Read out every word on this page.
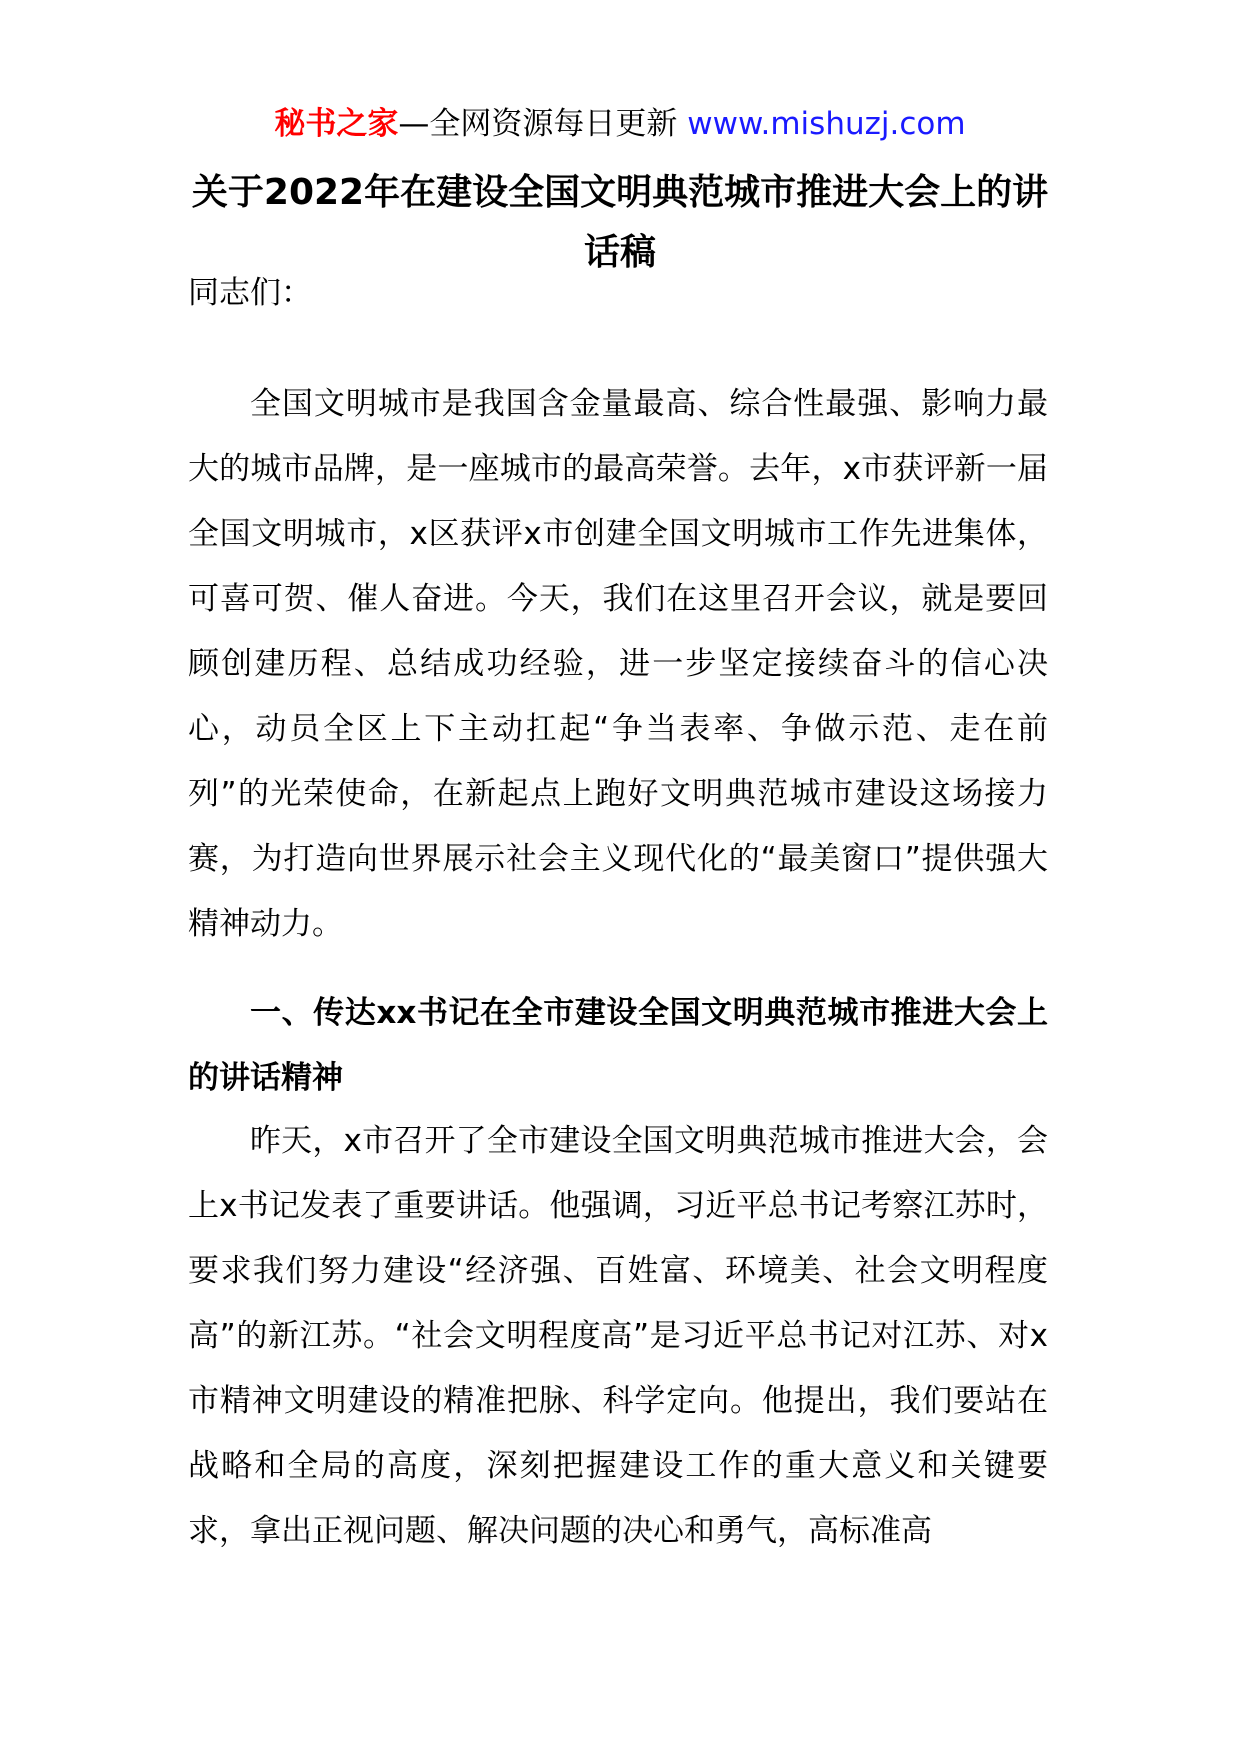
秘书之家—全网资源每日更新 www.mishuzj.com
关于2022年在建设全国文明典范城市推进大会上的讲话稿

同志们：

全国文明城市是我国含金量最高、综合性最强、影响力最大的城市品牌，是一座城市的最高荣誉。去年，x市获评新一届全国文明城市，x区获评x市创建全国文明城市工作先进集体，可喜可贺、催人奋进。今天，我们在这里召开会议，就是要回顾创建历程、总结成功经验，进一步坚定接续奋斗的信心决心，动员全区上下主动扛起“争当表率、争做示范、走在前列”的光荣使命，在新起点上跑好文明典范城市建设这场接力赛，为打造向世界展示社会主义现代化的“最美窗口”提供强大精神动力。

一、传达xx书记在全市建设全国文明典范城市推进大会上的讲话精神

昨天，x市召开了全市建设全国文明典范城市推进大会，会上x书记发表了重要讲话。他强调，习近平总书记考察江苏时，要求我们努力建设“经济强、百姓富、环境美、社会文明程度高”的新江苏。“社会文明程度高”是习近平总书记对江苏、对x市精神文明建设的精准把脉、科学定向。他提出，我们要站在战略和全局的高度，深刻把握建设工作的重大意义和关键要求，拿出正视问题、解决问题的决心和勇气，高标准高
